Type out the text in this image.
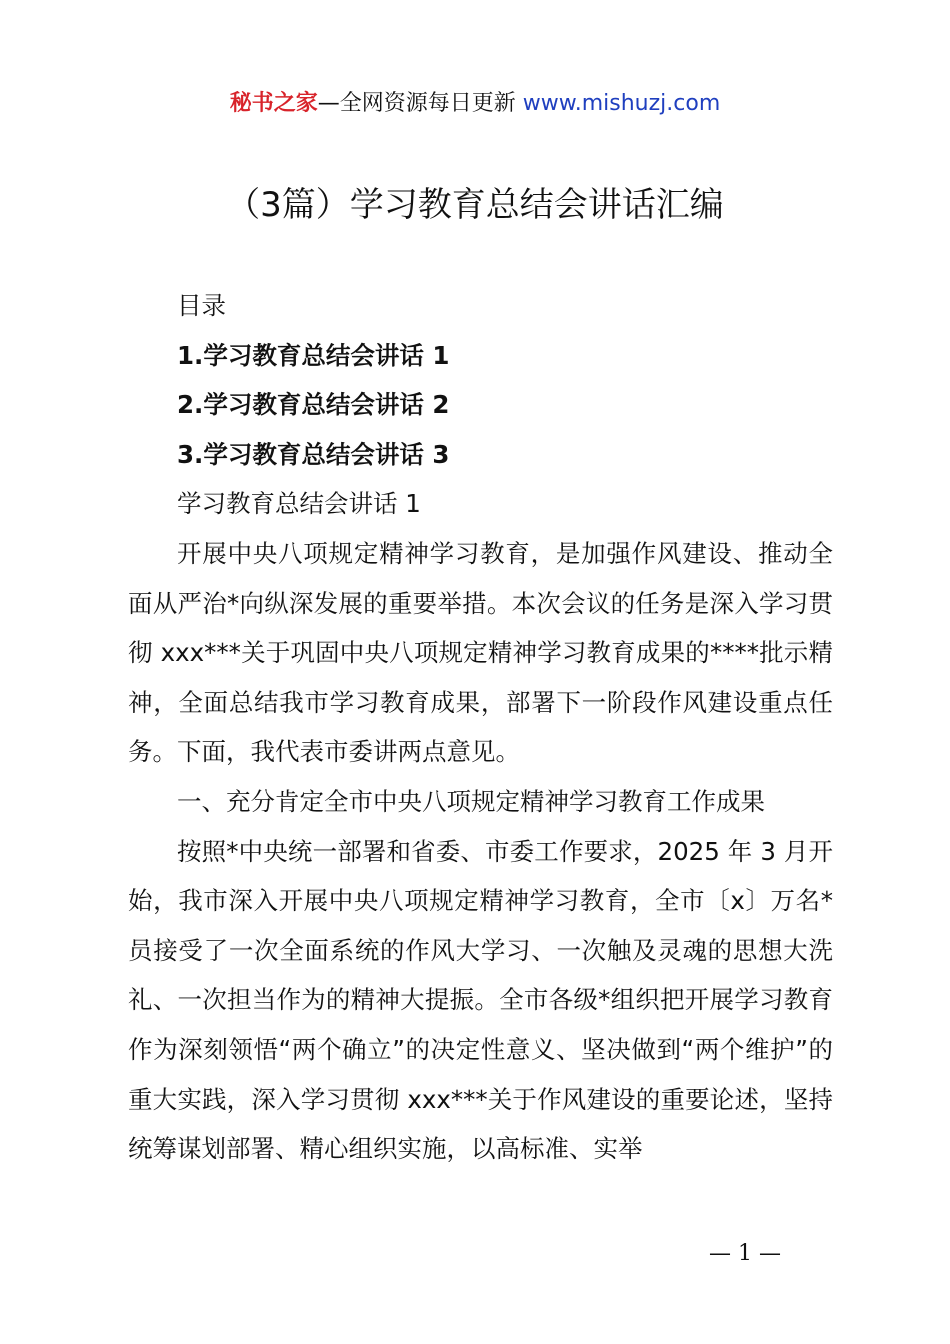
秘书之家—全网资源每日更新 www.mishuzj.com
（3篇）学习教育总结会讲话汇编

目录

1.学习教育总结会讲话 1

2.学习教育总结会讲话 2

3.学习教育总结会讲话 3

学习教育总结会讲话 1

开展中央八项规定精神学习教育，是加强作风建设、推动全面从严治*向纵深发展的重要举措。本次会议的任务是深入学习贯彻 xxx***关于巩固中央八项规定精神学习教育成果的****批示精神，全面总结我市学习教育成果，部署下一阶段作风建设重点任务。下面，我代表市委讲两点意见。

一、充分肯定全市中央八项规定精神学习教育工作成果

按照*中央统一部署和省委、市委工作要求，2025 年 3 月开始，我市深入开展中央八项规定精神学习教育，全市〔x〕万名*员接受了一次全面系统的作风大学习、一次触及灵魂的思想大洗礼、一次担当作为的精神大提振。全市各级*组织把开展学习教育作为深刻领悟“两个确立”的决定性意义、坚决做到“两个维护”的重大实践，深入学习贯彻 xxx***关于作风建设的重要论述，坚持统筹谋划部署、精心组织实施，以高标准、实举

— 1 —
